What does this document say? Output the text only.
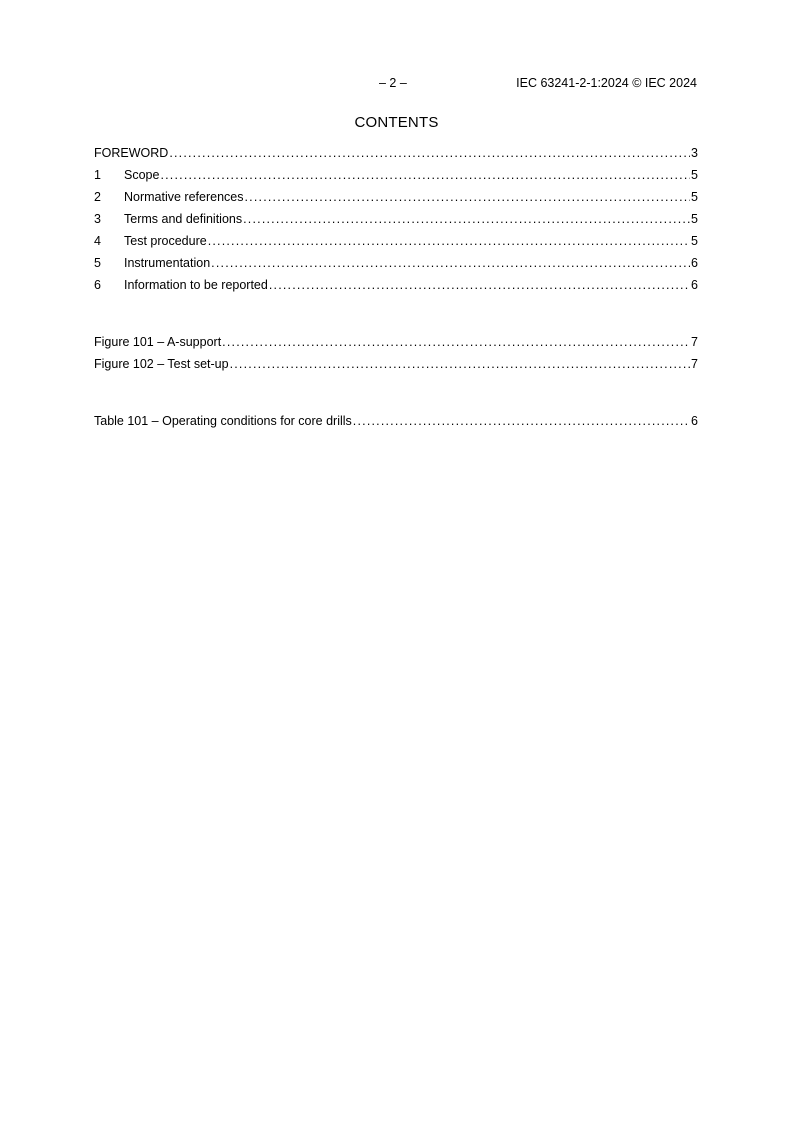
– 2 –	IEC 63241-2-1:2024 © IEC 2024
CONTENTS
FOREWORD .....	3
1	Scope .....	5
2	Normative references .....	5
3	Terms and definitions .....	5
4	Test procedure .....	5
5	Instrumentation .....	6
6	Information to be reported .....	6
Figure 101 – A-support .....	7
Figure 102 – Test set-up .....	7
Table 101 – Operating conditions for core drills .....	6
